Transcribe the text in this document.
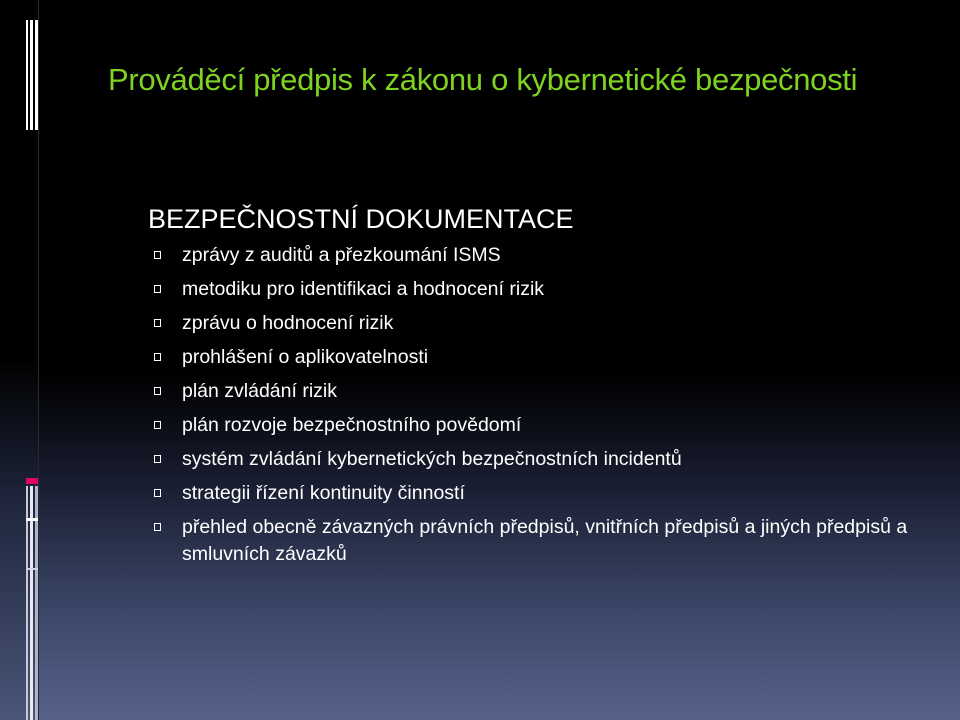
Prováděcí předpis k zákonu o kybernetické bezpečnosti
BEZPEČNOSTNÍ DOKUMENTACE
zprávy z auditů a přezkoumání ISMS
metodiku pro identifikaci a hodnocení rizik
zprávu o hodnocení rizik
prohlášení o aplikovatelnosti
plán zvládání rizik
plán rozvoje bezpečnostního povědomí
systém zvládání kybernetických bezpečnostních incidentů
strategii řízení kontinuity činností
přehled obecně závazných právních předpisů, vnitřních předpisů a jiných předpisů a smluvních závazků
